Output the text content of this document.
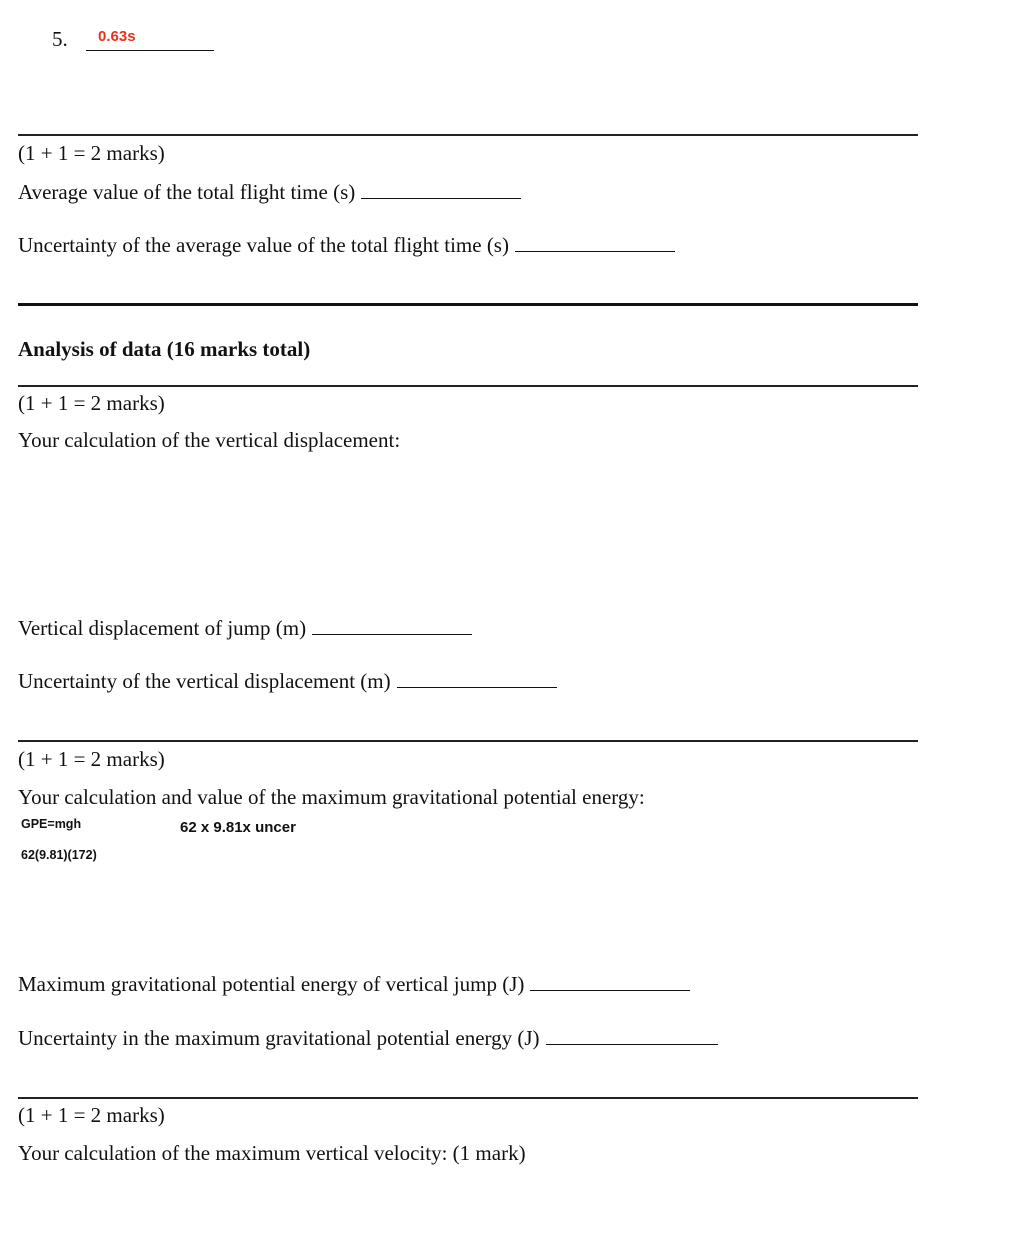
5. 0.63s
(1 + 1 = 2 marks)
Average value of the total flight time (s)
Uncertainty of the average value of the total flight time (s)
Analysis of data (16 marks total)
(1 + 1 = 2 marks)
Your calculation of the vertical displacement:
Vertical displacement of jump (m)
Uncertainty of the vertical displacement (m)
(1 + 1 = 2 marks)
Your calculation and value of the maximum gravitational potential energy:
GPE=mgh	62 x 9.81x uncer
62(9.81)(172)
Maximum gravitational potential energy of vertical jump (J)
Uncertainty in the maximum gravitational potential energy (J)
(1 + 1 = 2 marks)
Your calculation of the maximum vertical velocity: (1 mark)
